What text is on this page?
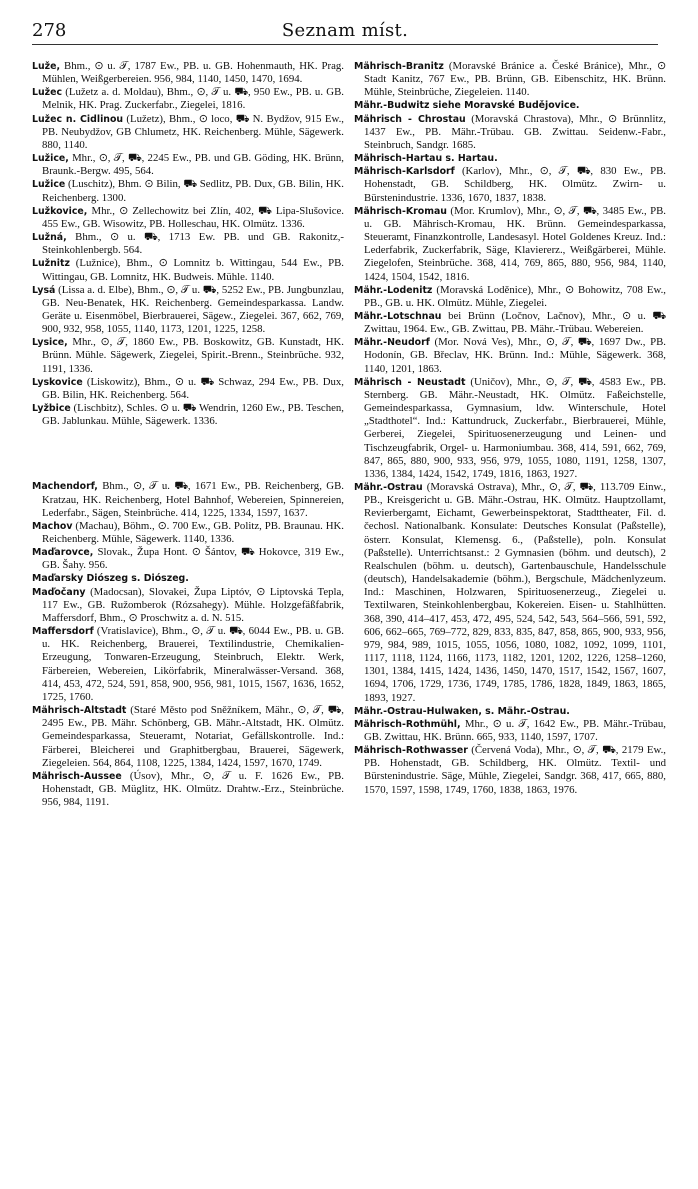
278	Seznam míst.

Luže, Bhm., ⊙ u. 𝒯, 1787 Ew., PB. u. GB. Hohenmauth, HK. Prag. Mühlen, Weißgerbereien. 956, 984, 1140, 1450, 1470, 1694.

Lužec (Lužetz a. d. Moldau), Bhm., ⊙, 𝒯 u. ⛟, 950 Ew., PB. u. GB. Melnik, HK. Prag. Zuckerfabr., Ziegelei, 1816.

Lužec n. Cidlinou (Lužetz), Bhm., ⊙ loco, ⛟ N. Bydžov, 915 Ew., PB. Neubydžov, GB Chlumetz, HK. Reichenberg. Mühle, Sägewerk. 880, 1140.

Lužice, Mhr., ⊙, 𝒯, ⛟, 2245 Ew., PB. und GB. Göding, HK. Brünn, Braunk.-Bergw. 495, 564.

Lužice (Luschitz), Bhm. ⊙ Bilin, ⛟ Sedlitz, PB. Dux, GB. Bilin, HK. Reichenberg. 1300.

Lužkovice, Mhr., ⊙ Zellechowitz bei Zlín, 402, ⛟ Lipa-Slušovice. 455 Ew., GB. Wisowitz, PB. Holleschau, HK. Olmütz. 1336.

Lužná, Bhm., ⊙ u. ⛟, 1713 Ew. PB. und GB. Rakonitz,-Steinkohlenbergb. 564.

Lužnitz (Lužnice), Bhm., ⊙ Lomnitz b. Wittingau, 544 Ew., PB. Wittingau, GB. Lomnitz, HK. Budweis. Mühle. 1140.

Lysá (Lissa a. d. Elbe), Bhm., ⊙, 𝒯 u. ⛟, 5252 Ew., PB. Jungbunzlau, GB. Neu-Benatek, HK. Reichenberg. Gemeindesparkassa. Landw. Geräte u. Eisenmöbel, Bierbrauerei, Sägew., Ziegelei. 367, 662, 769, 900, 932, 958, 1055, 1140, 1173, 1201, 1225, 1258.

Lysice, Mhr., ⊙, 𝒯, 1860 Ew., PB. Boskowitz, GB. Kunstadt, HK. Brünn. Mühle. Sägewerk, Ziegelei, Spirit.-Brenn., Steinbrüche. 932, 1191, 1336.

Lyskovice (Liskowitz), Bhm., ⊙ u. ⛟ Schwaz, 294 Ew., PB. Dux, GB. Bilin, HK. Reichenberg. 564.

Lyžbice (Lischbitz), Schles. ⊙ u. ⛟ Wendrin, 1260 Ew., PB. Teschen, GB. Jablunkau. Mühle, Sägewerk. 1336.

Machendorf, Bhm., ⊙, 𝒯 u. ⛟, 1671 Ew., PB. Reichenberg, GB. Kratzau, HK. Reichenberg, Hotel Bahnhof, Webereien, Spinnereien, Lederfabr., Sägen, Steinbrüche. 414, 1225, 1334, 1597, 1637.

Machov (Machau), Böhm., ⊙. 700 Ew., GB. Politz, PB. Braunau. HK. Reichenberg. Mühle, Sägewerk. 1140, 1336.

Maďarovce, Slovak., Župa Hont. ⊙ Šántov, ⛟ Hokovce, 319 Ew., GB. Šahy. 956.

Maďarsky Diószeg s. Diószeg.

Maďočany (Madocsan), Slovakei, Župa Liptóv, ⊙ Liptovská Tepla, 117 Ew., GB. Ružomberok (Rózsahegy). Mühle. Holzgefäßfabrik, Maffersdorf, Bhm., ⊙ Proschwitz a. d. N. 515.

Maffersdorf (Vratislavice), Bhm., ⊙, 𝒯 u. ⛟, 6044 Ew., PB. u. GB. u. HK. Reichenberg, Brauerei, Textilindustrie, Chemikalien-Erzeugung, Tonwaren-Erzeugung, Steinbruch, Elektr. Werk, Färbereien, Webereien, Likörfabrik, Mineralwässer-Versand. 368, 414, 453, 472, 524, 591, 858, 900, 956, 981, 1015, 1567, 1636, 1652, 1725, 1760.

Mährisch-Altstadt (Staré Město pod Sněžníkem, Mähr., ⊙, 𝒯, ⛟, 2495 Ew., PB. Mähr. Schönberg, GB. Mähr.-Altstadt, HK. Olmütz. Gemeindesparkassa, Steueramt, Notariat, Gefällskontrolle. Ind.: Färberei, Bleicherei und Graphitbergbau, Brauerei, Sägewerk, Ziegeleien. 564, 864, 1108, 1225, 1384, 1424, 1597, 1670, 1749.

Mährisch-Aussee (Úsov), Mhr., ⊙, 𝒯 u. F. 1626 Ew., PB. Hohenstadt, GB. Müglitz, HK. Olmütz. Drahtw.-Erz., Steinbrüche. 956, 984, 1191.

Mährisch-Branitz (Moravské Bránice a. České Bránice), Mhr., ⊙ Stadt Kanitz, 767 Ew., PB. Brünn, GB. Eibenschitz, HK. Brünn. Mühle, Steinbrüche, Ziegeleien. 1140.

Mähr.-Budwitz siehe Moravské Budějovice.

Mährisch - Chrostau (Moravská Chrastova), Mhr., ⊙ Brünnlitz, 1437 Ew., PB. Mähr.-Trübau. GB. Zwittau. Seidenw.-Fabr., Steinbruch, Sandgr. 1685.

Mährisch-Hartau s. Hartau.

Mährisch-Karlsdorf (Karlov), Mhr., ⊙, 𝒯, ⛟, 830 Ew., PB. Hohenstadt, GB. Schildberg, HK. Olmütz. Zwirn- u. Bürstenindustrie. 1336, 1670, 1837, 1838.

Mährisch-Kromau (Mor. Krumlov), Mhr., ⊙, 𝒯, ⛟, 3485 Ew., PB. u. GB. Mährisch-Kromau, HK. Brünn. Gemeindesparkassa, Steueramt, Finanzkontrolle, Landesasyl. Hotel Goldenes Kreuz. Ind.: Lederfabrik, Zuckerfabrik, Säge, Klaviererz., Weißgärberei, Mühle. Ziegelofen, Steinbrüche. 368, 414, 769, 865, 880, 956, 984, 1140, 1424, 1504, 1542, 1816.

Mähr.-Lodenitz (Moravská Loděnice), Mhr., ⊙ Bohowitz, 708 Ew., PB., GB. u. HK. Olmütz. Mühle, Ziegelei.

Mähr.-Lotschnau bei Brünn (Ločnov, Lačnov), Mhr., ⊙ u. ⛟ Zwittau, 1964. Ew., GB. Zwittau, PB. Mähr.-Trübau. Webereien.

Mähr.-Neudorf (Mor. Nová Ves), Mhr., ⊙, 𝒯, ⛟, 1697 Dw., PB. Hodonín, GB. Břeclav, HK. Brünn. Ind.: Mühle, Sägewerk. 368, 1140, 1201, 1863.

Mährisch - Neustadt (Uničov), Mhr., ⊙, 𝒯, ⛟, 4583 Ew., PB. Sternberg. GB. Mähr.-Neustadt, HK. Olmütz. Faßeichstelle, Gemeindesparkassa, Gymnasium, ldw. Winterschule, Hotel „Stadthotel“. Ind.: Kattundruck, Zuckerfabr., Bierbrauerei, Mühle, Gerberei, Ziegelei, Spirituosenerzeugung und Leinen- und Tischzeugfabrik, Orgel- u. Harmoniumbau. 368, 414, 591, 662, 769, 847, 865, 880, 900, 933, 956, 979, 1055, 1080, 1191, 1258, 1307, 1336, 1384, 1424, 1542, 1749, 1816, 1863, 1927.

Mähr.-Ostrau (Moravská Ostrava), Mhr., ⊙, 𝒯, ⛟, 113.709 Einw., PB., Kreisgericht u. GB. Mähr.-Ostrau, HK. Olmütz. Hauptzollamt, Revierbergamt, Eichamt, Gewerbeinspektorat, Stadttheater, Fil. d. čechosl. Nationalbank. Konsulate: Deutsches Konsulat (Paßstelle), österr. Konsulat, Klemensg. 6., (Paßstelle), poln. Konsulat (Paßstelle). Unterrichtsanst.: 2 Gymnasien (böhm. und deutsch), 2 Realschulen (böhm. u. deutsch), Gartenbauschule, Handelsschule (deutsch), Handelsakademie (böhm.), Bergschule, Mädchenlyzeum. Ind.: Maschinen, Holzwaren, Spirituosenerzeug., Ziegelei u. Textilwaren, Steinkohlenbergbau, Kokereien. Eisen- u. Stahlhütten. 368, 390, 414–417, 453, 472, 495, 524, 542, 543, 564–566, 591, 592, 606, 662–665, 769–772, 829, 833, 835, 847, 858, 865, 900, 933, 956, 979, 984, 989, 1015, 1055, 1056, 1080, 1082, 1092, 1099, 1101, 1117, 1118, 1124, 1166, 1173, 1182, 1201, 1202, 1226, 1258–1260, 1301, 1384, 1415, 1424, 1436, 1450, 1470, 1517, 1542, 1567, 1607, 1694, 1706, 1729, 1736, 1749, 1785, 1786, 1828, 1849, 1863, 1865, 1893, 1927.

Mähr.-Ostrau-Hulwaken, s. Mähr.-Ostrau.

Mährisch-Rothmühl, Mhr., ⊙ u. 𝒯, 1642 Ew., PB. Mähr.-Trübau, GB. Zwittau, HK. Brünn. 665, 933, 1140, 1597, 1707.

Mährisch-Rothwasser (Červená Voda), Mhr., ⊙, 𝒯, ⛟, 2179 Ew., PB. Hohenstadt, GB. Schildberg, HK. Olmütz. Textil- und Bürstenindustrie. Säge, Mühle, Ziegelei, Sandgr. 368, 417, 665, 880, 1570, 1597, 1598, 1749, 1760, 1838, 1863, 1976.
